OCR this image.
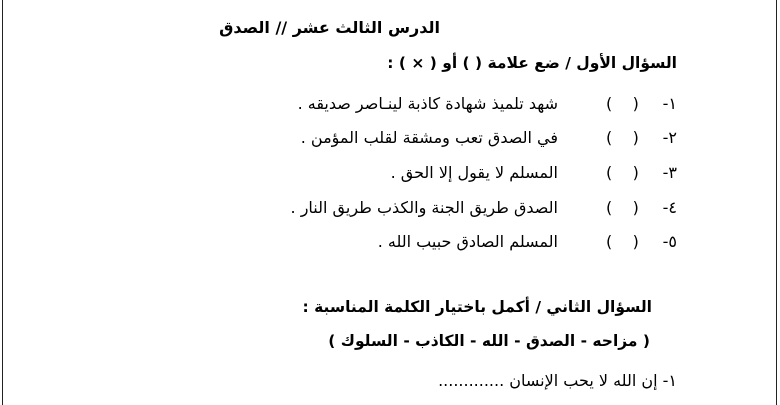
الدرس الثالث عشر // الصدق
السؤال الأول / ضع علامة ( ) أو ( × ) :
١-
(    )
شهد تلميذ شهادة كاذبة لينـاصر صديقه .
٢-
(    )
في الصدق تعب ومشقة لقلب المؤمن .
٣-
(    )
المسلم لا يقول إلا الحق .
٤-
(    )
الصدق طريق الجنة والكذب طريق النار .
٥-
(    )
المسلم الصادق حبيب الله .
السؤال الثاني / أكمل باختيار الكلمة المناسبة :
( مزاحه - الصدق - الله - الكاذب - السلوك )
١- إن الله لا يحب الإنسان .............
